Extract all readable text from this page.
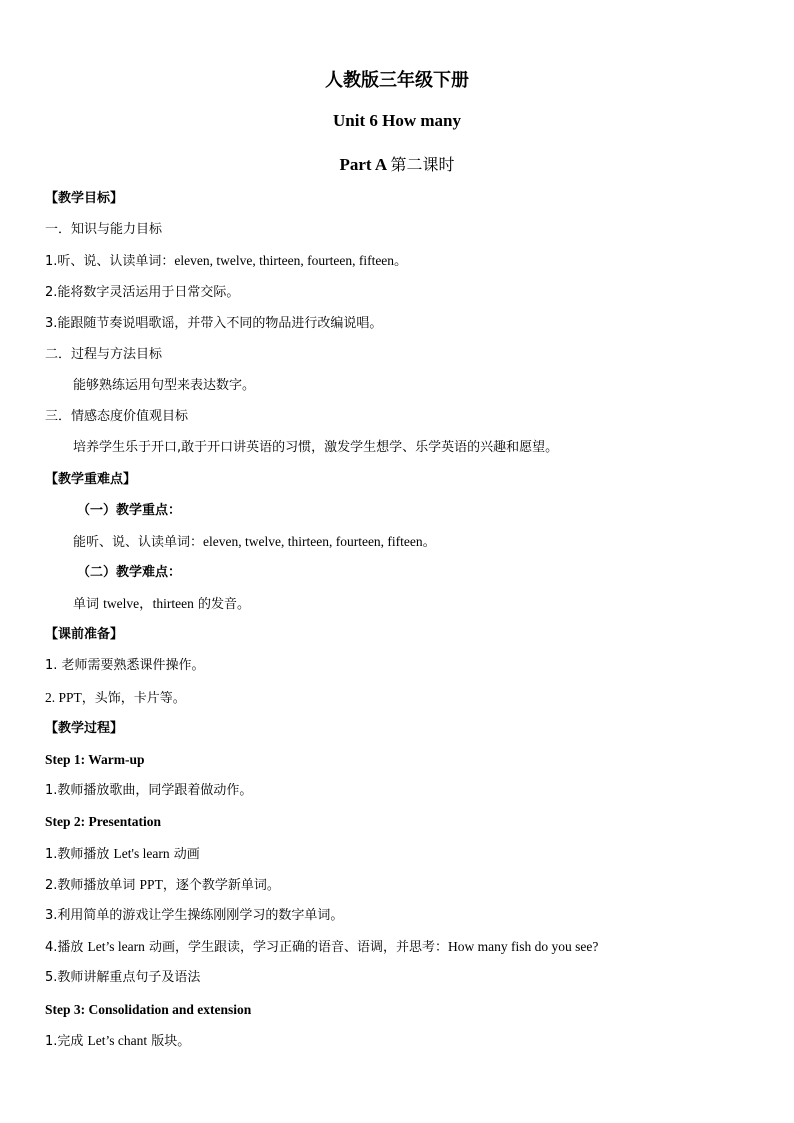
人教版三年级下册
Unit 6 How many
Part A 第二课时
【教学目标】
一．知识与能力目标
1.听、说、认读单词：eleven, twelve, thirteen, fourteen, fifteen。
2.能将数字灵活运用于日常交际。
3.能跟随节奏说唱歌谣，并带入不同的物品进行改编说唱。
二．过程与方法目标
能够熟练运用句型来表达数字。
三．情感态度价值观目标
培养学生乐于开口,敢于开口讲英语的习惯，激发学生想学、乐学英语的兴趣和愿望。
【教学重难点】
（一）教学重点：
能听、说、认读单词：eleven, twelve, thirteen, fourteen, fifteen。
（二）教学难点：
单词 twelve，thirteen 的发音。
【课前准备】
1. 老师需要熟悉课件操作。
2. PPT，头饰，卡片等。
【教学过程】
Step 1: Warm-up
1.教师播放歌曲，同学跟着做动作。
Step 2: Presentation
1.教师播放 Let's learn 动画
2.教师播放单词 PPT，逐个教学新单词。
3.利用简单的游戏让学生操练刚刚学习的数字单词。
4.播放 Let’s learn 动画，学生跟读，学习正确的语音、语调，并思考：How many fish do you see?
5.教师讲解重点句子及语法
Step 3: Consolidation and extension
1.完成 Let’s chant 版块。
